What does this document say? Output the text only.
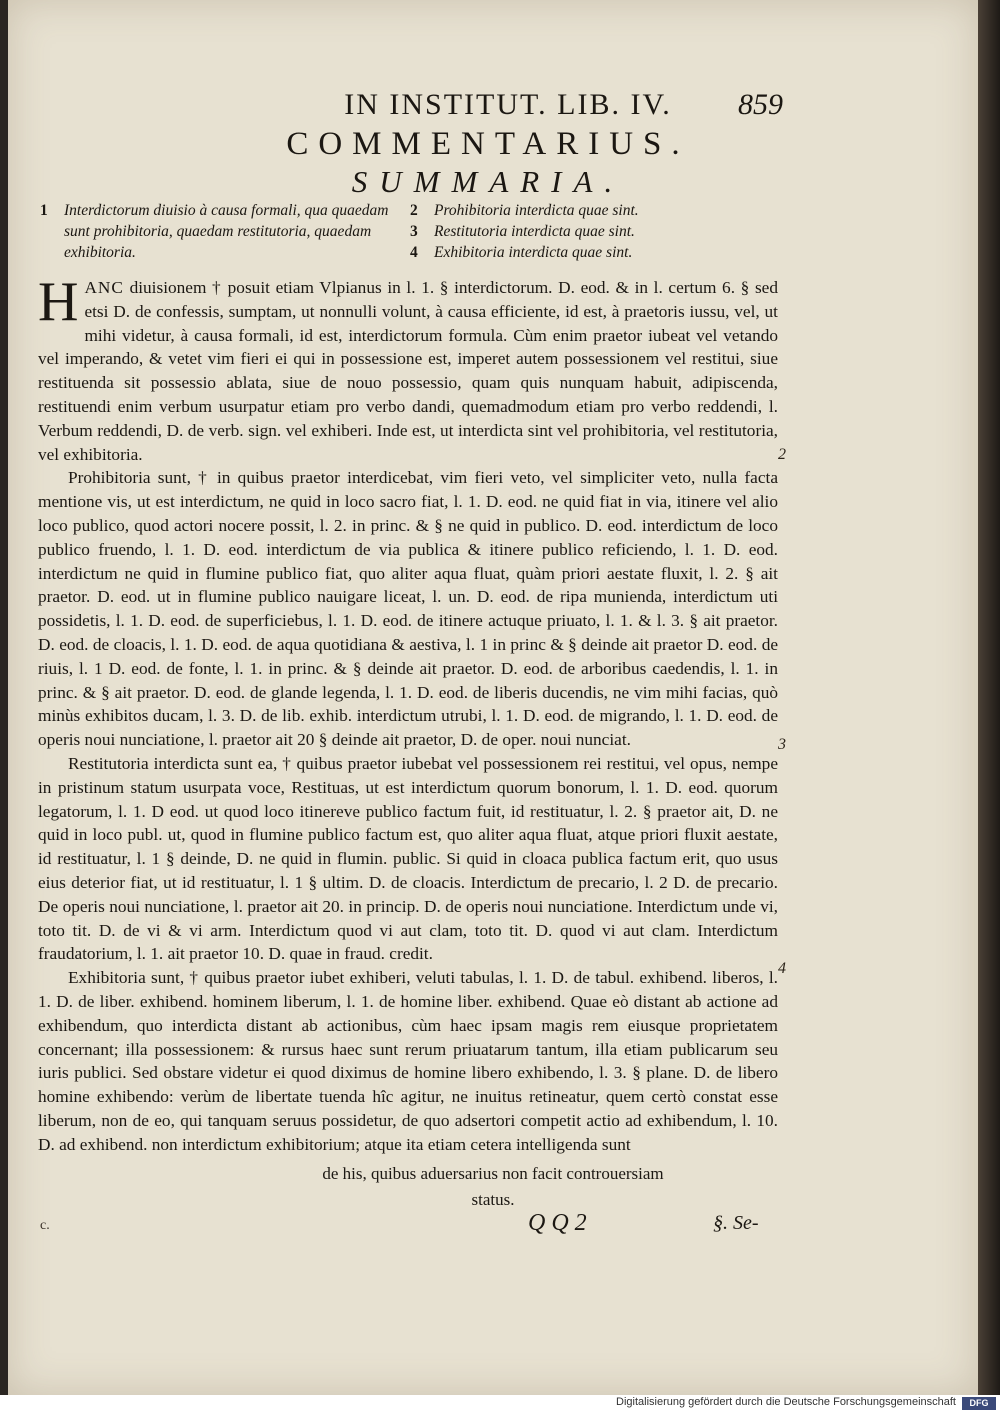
IN INSTITUT. LIB. IV.	859
COMMENTARIUS.
SUMMARIA.
1	Interdictorum diuisio à causa formali, qua quaedam sunt prohibitoria, quaedam restitutoria, quaedam exhibitoria.
2	Prohibitoria interdicta quae sint.
3	Restitutoria interdicta quae sint.
4	Exhibitoria interdicta quae sint.

HANC diuisionem † posuit etiam Vlpianus in l. 1. § interdictorum. D. eod. & in l. certum 6. § sed etsi D. de confessis, sumptam, ut nonnulli volunt, à causa efficiente, id est, à praetoris iussu, vel, ut mihi videtur, à causa formali, id est, interdictorum formula. Cùm enim praetor iubeat vel vetando vel imperando, & vetet vim fieri ei qui in possessione est, imperet autem possessionem vel restitui, siue restituenda sit possessio ablata, siue de nouo possessio, quam quis nunquam habuit, adipiscenda, restituendi enim verbum usurpatur etiam pro verbo dandi, quemadmodum etiam pro verbo reddendi, l. Verbum reddendi, D. de verb. sign. vel exhiberi. Inde est, ut interdicta sint vel prohibitoria, vel restitutoria, vel exhibitoria.

Prohibitoria sunt, † in quibus praetor interdicebat, vim fieri veto, vel simpliciter veto, nulla facta mentione vis, ut est interdictum, ne quid in loco sacro fiat, l. 1. D. eod. ne quid fiat in via, itinere vel alio loco publico, quod actori nocere possit, l. 2. in princ. & § ne quid in publico. D. eod. interdictum de loco publico fruendo, l. 1. D. eod. interdictum de via publica & itinere publico reficiendo, l. 1. D. eod. interdictum ne quid in flumine publico fiat, quo aliter aqua fluat, quàm priori aestate fluxit, l. 2. § ait praetor. D. eod. ut in flumine publico nauigare liceat, l. un. D. eod. de ripa munienda, interdictum uti possidetis, l. 1. D. eod. de superficiebus, l. 1. D. eod. de itinere actuque priuato, l. 1. & l. 3. § ait praetor. D. eod. de cloacis, l. 1. D. eod. de aqua quotidiana & aestiva, l. 1 in princ & § deinde ait praetor D. eod. de riuis, l. 1 D. eod. de fonte, l. 1. in princ. & § deinde ait praetor. D. eod. de arboribus caedendis, l. 1. in princ. & § ait praetor. D. eod. de glande legenda, l. 1. D. eod. de liberis ducendis, ne vim mihi facias, quò minùs exhibitos ducam, l. 3. D. de lib. exhib. interdictum utrubi, l. 1. D. eod. de migrando, l. 1. D. eod. de operis noui nunciatione, l. praetor ait 20 § deinde ait praetor, D. de oper. noui nunciat.

Restitutoria interdicta sunt ea, † quibus praetor iubebat vel possessionem rei restitui, vel opus, nempe in pristinum statum usurpata voce, Restituas, ut est interdictum quorum bonorum, l. 1. D. eod. quorum legatorum, l. 1. D eod. ut quod loco itinereve publico factum fuit, id restituatur, l. 2. § praetor ait, D. ne quid in loco publ. ut, quod in flumine publico factum est, quo aliter aqua fluat, atque priori fluxit aestate, id restituatur, l. 1 § deinde, D. ne quid in flumin. public. Si quid in cloaca publica factum erit, quo usus eius deterior fiat, ut id restituatur, l. 1 § ultim. D. de cloacis. Interdictum de precario, l. 2 D. de precario. De operis noui nunciatione, l. praetor ait 20. in princip. D. de operis noui nunciatione. Interdictum unde vi, toto tit. D. de vi & vi arm. Interdictum quod vi aut clam, toto tit. D. quod vi aut clam. Interdictum fraudatorium, l. 1. ait praetor 10. D. quae in fraud. credit.

Exhibitoria sunt, † quibus praetor iubet exhiberi, veluti tabulas, l. 1. D. de tabul. exhibend. liberos, l. 1. D. de liber. exhibend. hominem liberum, l. 1. de homine liber. exhibend. Quae eò distant ab actione ad exhibendum, quo interdicta distant ab actionibus, cùm haec ipsam magis rem eiusque proprietatem concernant; illa possessionem: & rursus haec sunt rerum priuatarum tantum, illa etiam publicarum seu iuris publici. Sed obstare videtur ei quod diximus de homine libero exhibendo, l. 3. § plane. D. de libero homine exhibendo: verùm de libertate tuenda hîc agitur, ne inuitus retineatur, quem certò constat esse liberum, non de eo, qui tanquam seruus possidetur, de quo adsertori competit actio ad exhibendum, l. 10. D. ad exhibend. non interdictum exhibitorium; atque ita etiam cetera intelligenda sunt

de his, quibus aduersarius non facit controuersiam
status.
2
3
4
c.	Q Q 2	§. Se-
Digitalisierung gefördert durch die Deutsche Forschungsgemeinschaft	DFG
